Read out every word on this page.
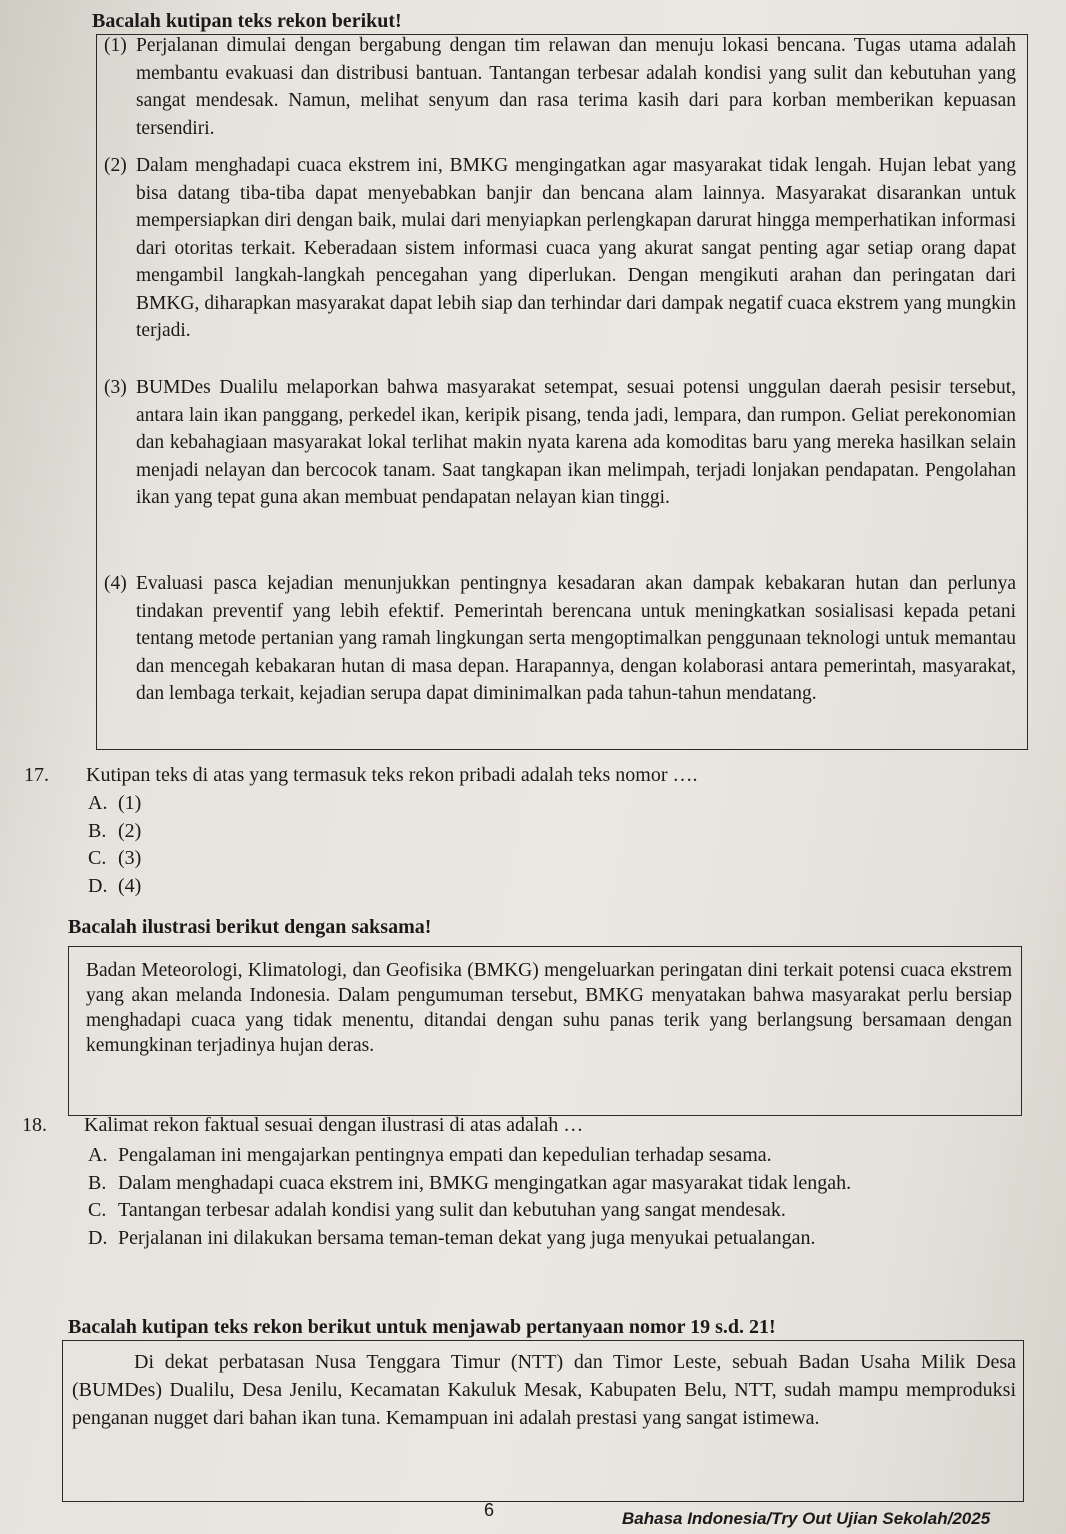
Bacalah kutipan teks rekon berikut!
(1) Perjalanan dimulai dengan bergabung dengan tim relawan dan menuju lokasi bencana. Tugas utama adalah membantu evakuasi dan distribusi bantuan. Tantangan terbesar adalah kondisi yang sulit dan kebutuhan yang sangat mendesak. Namun, melihat senyum dan rasa terima kasih dari para korban memberikan kepuasan tersendiri.
(2) Dalam menghadapi cuaca ekstrem ini, BMKG mengingatkan agar masyarakat tidak lengah. Hujan lebat yang bisa datang tiba-tiba dapat menyebabkan banjir dan bencana alam lainnya. Masyarakat disarankan untuk mempersiapkan diri dengan baik, mulai dari menyiapkan perlengkapan darurat hingga memperhatikan informasi dari otoritas terkait. Keberadaan sistem informasi cuaca yang akurat sangat penting agar setiap orang dapat mengambil langkah-langkah pencegahan yang diperlukan. Dengan mengikuti arahan dan peringatan dari BMKG, diharapkan masyarakat dapat lebih siap dan terhindar dari dampak negatif cuaca ekstrem yang mungkin terjadi.
(3) BUMDes Dualilu melaporkan bahwa masyarakat setempat, sesuai potensi unggulan daerah pesisir tersebut, antara lain ikan panggang, perkedel ikan, keripik pisang, tenda jadi, lempara, dan rumpon. Geliat perekonomian dan kebahagiaan masyarakat lokal terlihat makin nyata karena ada komoditas baru yang mereka hasilkan selain menjadi nelayan dan bercocok tanam. Saat tangkapan ikan melimpah, terjadi lonjakan pendapatan. Pengolahan ikan yang tepat guna akan membuat pendapatan nelayan kian tinggi.
(4) Evaluasi pasca kejadian menunjukkan pentingnya kesadaran akan dampak kebakaran hutan dan perlunya tindakan preventif yang lebih efektif. Pemerintah berencana untuk meningkatkan sosialisasi kepada petani tentang metode pertanian yang ramah lingkungan serta mengoptimalkan penggunaan teknologi untuk memantau dan mencegah kebakaran hutan di masa depan. Harapannya, dengan kolaborasi antara pemerintah, masyarakat, dan lembaga terkait, kejadian serupa dapat diminimalkan pada tahun-tahun mendatang.
17. Kutipan teks di atas yang termasuk teks rekon pribadi adalah teks nomor ….
A. (1)
B. (2)
C. (3)
D. (4)
Bacalah ilustrasi berikut dengan saksama!
Badan Meteorologi, Klimatologi, dan Geofisika (BMKG) mengeluarkan peringatan dini terkait potensi cuaca ekstrem yang akan melanda Indonesia. Dalam pengumuman tersebut, BMKG menyatakan bahwa masyarakat perlu bersiap menghadapi cuaca yang tidak menentu, ditandai dengan suhu panas terik yang berlangsung bersamaan dengan kemungkinan terjadinya hujan deras.
18. Kalimat rekon faktual sesuai dengan ilustrasi di atas adalah …
A. Pengalaman ini mengajarkan pentingnya empati dan kepedulian terhadap sesama.
B. Dalam menghadapi cuaca ekstrem ini, BMKG mengingatkan agar masyarakat tidak lengah.
C. Tantangan terbesar adalah kondisi yang sulit dan kebutuhan yang sangat mendesak.
D. Perjalanan ini dilakukan bersama teman-teman dekat yang juga menyukai petualangan.
Bacalah kutipan teks rekon berikut untuk menjawab pertanyaan nomor 19 s.d. 21!
Di dekat perbatasan Nusa Tenggara Timur (NTT) dan Timor Leste, sebuah Badan Usaha Milik Desa (BUMDes) Dualilu, Desa Jenilu, Kecamatan Kakuluk Mesak, Kabupaten Belu, NTT, sudah mampu memproduksi penganan nugget dari bahan ikan tuna. Kemampuan ini adalah prestasi yang sangat istimewa.
6	Bahasa Indonesia/Try Out Ujian Sekolah/2025
